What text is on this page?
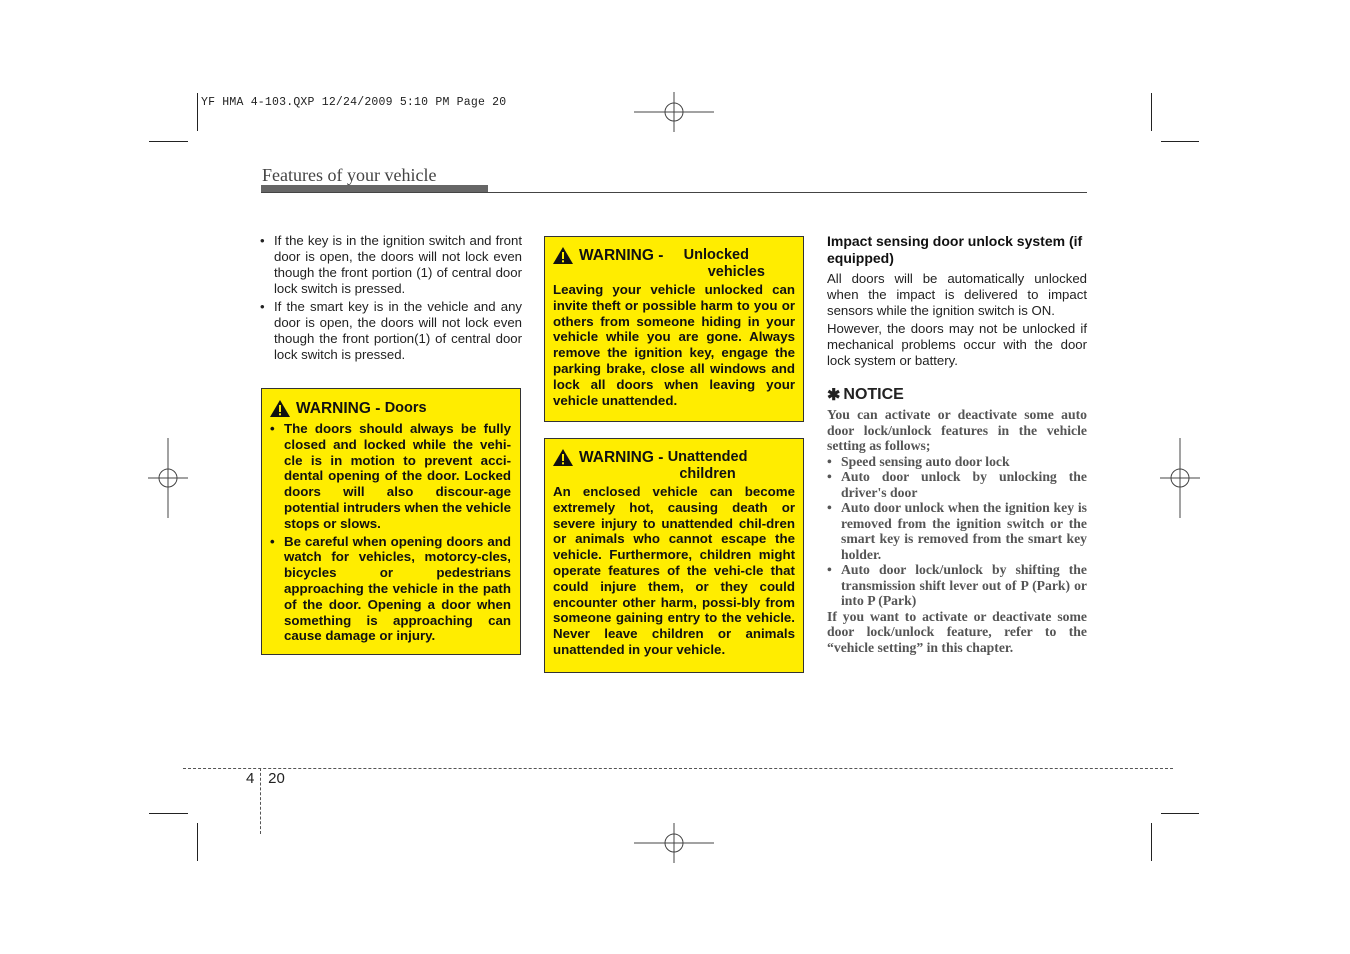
YF HMA 4-103.QXP 12/24/2009 5:10 PM Page 20
Features of your vehicle
• If the key is in the ignition switch and front door is open, the doors will not lock even though the front portion (1) of central door lock switch is pressed.
• If the smart key is in the vehicle and any door is open, the doors will not lock even though the front portion(1) of central door lock switch is pressed.
WARNING - Doors
• The doors should always be fully closed and locked while the vehi-cle is in motion to prevent acci-dental opening of the door. Locked doors will also discour-age potential intruders when the vehicle stops or slows.
• Be careful when opening doors and watch for vehicles, motorcy-cles, bicycles or pedestrians approaching the vehicle in the path of the door. Opening a door when something is approaching can cause damage or injury.
WARNING - Unlocked
vehicles
Leaving your vehicle unlocked can invite theft or possible harm to you or others from someone hiding in your vehicle while you are gone. Always remove the ignition key, engage the parking brake, close all windows and lock all doors when leaving your vehicle unattended.
WARNING - Unattended
children
An enclosed vehicle can become extremely hot, causing death or severe injury to unattended chil-dren or animals who cannot escape the vehicle. Furthermore, children might operate features of the vehi-cle that could injure them, or they could encounter other harm, possi-bly from someone gaining entry to the vehicle. Never leave children or animals unattended in your vehicle.
Impact sensing door unlock system (if equipped)

All doors will be automatically unlocked when the impact is delivered to impact sensors while the ignition switch is ON.

However, the doors may not be unlocked if mechanical problems occur with the door lock system or battery.

✱ NOTICE
You can activate or deactivate some auto door lock/unlock features in the vehicle setting as follows;
• Speed sensing auto door lock
• Auto door unlock by unlocking the driver's door
• Auto door unlock when the ignition key is removed from the ignition switch or the smart key is removed from the smart key holder.
• Auto door lock/unlock by shifting the transmission shift lever out of P (Park) or into P (Park)
If you want to activate or deactivate some door lock/unlock feature, refer to the “vehicle setting” in this chapter.
4 20
